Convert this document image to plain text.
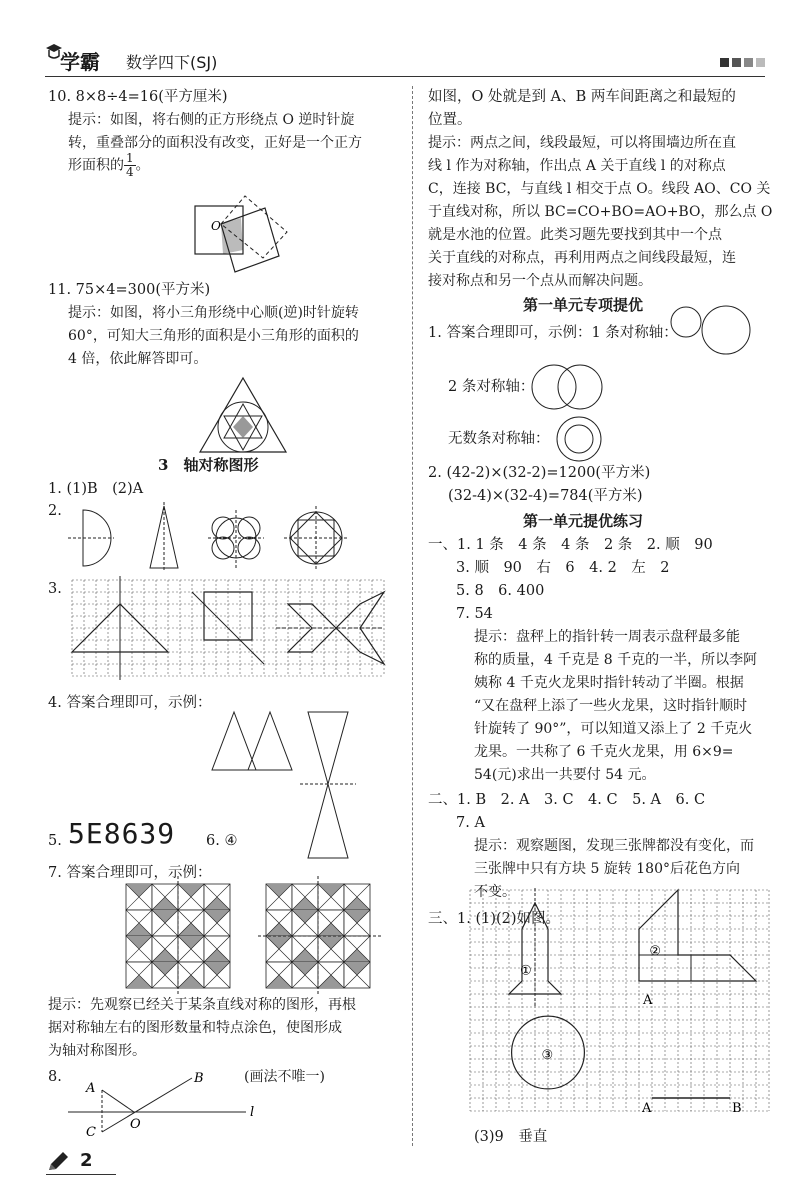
学霸 数学四下(SJ)
10. 8×8÷4=16(平方厘米)
提示：如图，将右侧的正方形绕点 O 逆时针旋
转，重叠部分的面积没有改变，正好是一个正方
形面积的 $\frac{1}{4}$ 。
O
11. 75×4=300(平方米)
提示：如图，将小三角形绕中心顺(逆)时针旋转
60°，可知大三角形的面积是小三角形的面积的
4 倍，依此解答即可。
3　 轴对称图形
1. (1)B　(2)A
2.
3.
4. 答案合理即可，示例：
5. 5E8639 6. ④
7. 答案合理即可，示例：
提示：先观察已经关于某条直线对称的图形，再根
据对称轴左右的图形数量和特点涂色，使图形成
为轴对称图形。
8.	(画法不唯一)
A
B
C
O
l
如图，O 处就是到 A、B 两车间距离之和最短的
位置。
提示：两点之间，线段最短，可以将围墙边所在直
线 l 作为对称轴，作出点 A 关于直线 l 的对称点
C，连接 BC，与直线 l 相交于点 O。线段 AO、CO 关
于直线对称，所以 BC=CO+BO=AO+BO，那么点 O
就是水池的位置。此类习题先要找到其中一个点
关于直线的对称点，再利用两点之间线段最短，连
接对称点和另一个点从而解决问题。
第一单元专项提优
1. 答案合理即可，示例：1 条对称轴：
2 条对称轴：
无数条对称轴：
2. (42-2)×(32-2)=1200(平方米)
(32-4)×(32-4)=784(平方米)
第一单元提优练习
一、1. 1 条　4 条　4 条　2 条　2. 顺　90
3. 顺　90　右　6　4. 2　左　2
5. 8　6. 400
7. 54
提示：盘秤上的指针转一周表示盘秤最多能
称的质量，4 千克是 8 千克的一半，所以李阿
姨称 4 千克火龙果时指针转动了半圈。根据
“又在盘秤上添了一些火龙果，这时指针顺时
针旋转了 90°”，可以知道又添上了 2 千克火
龙果。一共称了 6 千克火龙果，用 6×9=
54(元)求出一共要付 54 元。
二、1. B　2. A　3. C　4. C　5. A　6. C
7. A
提示：观察题图，发现三张牌都没有变化，而
三张牌中只有方块 5 旋转 180°后花色方向
不变。
三、1. (1)(2)如图。
①
②
③
A
A	B
(3)9　垂直
2
